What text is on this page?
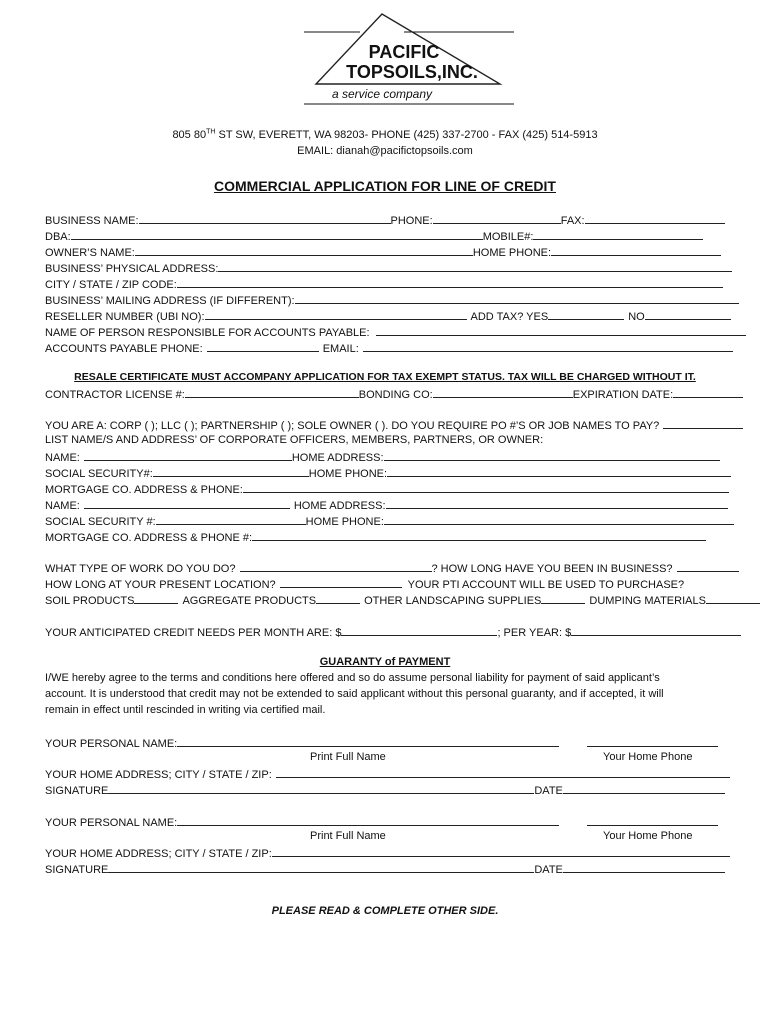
PACIFIC
TOPSOILS,INC.
a service company
805 80TH ST SW, EVERETT, WA 98203- PHONE (425) 337-2700 - FAX (425) 514-5913
EMAIL: dianah@pacifictopsoils.com
COMMERCIAL APPLICATION FOR LINE OF CREDIT
BUSINESS NAME:	PHONE:	FAX:
DBA:	MOBILE#:
OWNER’S NAME:	HOME PHONE:
BUSINESS’ PHYSICAL ADDRESS:
CITY / STATE / ZIP CODE:
BUSINESS’ MAILING ADDRESS (IF DIFFERENT):
RESELLER NUMBER (UBI NO):	ADD TAX? YES	NO
NAME OF PERSON RESPONSIBLE FOR ACCOUNTS PAYABLE:
ACCOUNTS PAYABLE PHONE:	EMAIL:
RESALE CERTIFICATE MUST ACCOMPANY APPLICATION FOR TAX EXEMPT STATUS. TAX WILL BE CHARGED WITHOUT IT.
CONTRACTOR LICENSE #:	BONDING CO:	EXPIRATION DATE:
YOU ARE A: CORP ( ); LLC ( ); PARTNERSHIP ( ); SOLE OWNER ( ). DO YOU REQUIRE PO #’S OR JOB NAMES TO PAY?
LIST NAME/S AND ADDRESS’ OF CORPORATE OFFICERS, MEMBERS, PARTNERS, OR OWNER:
NAME:	HOME ADDRESS:
SOCIAL SECURITY#:	HOME PHONE:
MORTGAGE CO. ADDRESS & PHONE:
NAME:	HOME ADDRESS:
SOCIAL SECURITY #:	HOME PHONE:
MORTGAGE CO. ADDRESS & PHONE #:
WHAT TYPE OF WORK DO YOU DO?	? HOW LONG HAVE YOU BEEN IN BUSINESS?
HOW LONG AT YOUR PRESENT LOCATION?	YOUR PTI ACCOUNT WILL BE USED TO PURCHASE?
SOIL PRODUCTS	AGGREGATE PRODUCTS	OTHER LANDSCAPING SUPPLIES	DUMPING MATERIALS
YOUR ANTICIPATED CREDIT NEEDS PER MONTH ARE: $	; PER YEAR: $
GUARANTY of PAYMENT
I/WE hereby agree to the terms and conditions here offered and so do assume personal liability for payment of said applicant’s
account. It is understood that credit may not be extended to said applicant without this personal guaranty, and if accepted, it will
remain in effect until rescinded in writing via certified mail.
YOUR PERSONAL NAME:
Print Full Name	Your Home Phone
YOUR HOME ADDRESS; CITY / STATE / ZIP:
SIGNATURE	DATE
YOUR PERSONAL NAME:
Print Full Name	Your Home Phone
YOUR HOME ADDRESS; CITY / STATE / ZIP:
SIGNATURE	DATE
PLEASE READ & COMPLETE OTHER SIDE.
